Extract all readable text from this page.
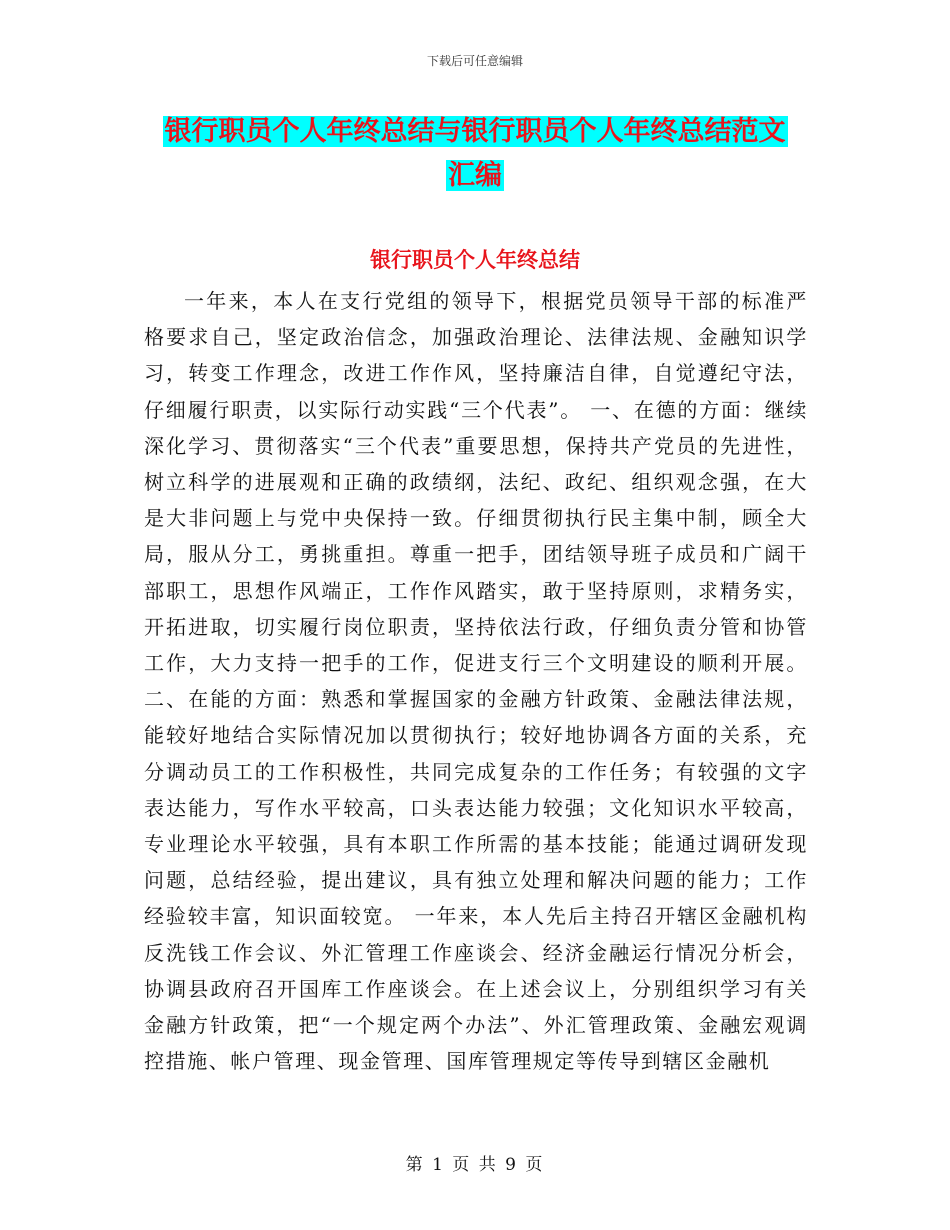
下载后可任意编辑
银行职员个人年终总结与银行职员个人年终总结范文
汇编
银行职员个人年终总结

一年来，本人在支行党组的领导下，根据党员领导干部的标准严格要求自己，坚定政治信念，加强政治理论、法律法规、金融知识学习，转变工作理念，改进工作作风，坚持廉洁自律，自觉遵纪守法，仔细履行职责，以实际行动实践“三个代表”。 一、在德的方面：继续深化学习、贯彻落实“三个代表”重要思想，保持共产党员的先进性，树立科学的进展观和正确的政绩纲，法纪、政纪、组织观念强，在大是大非问题上与党中央保持一致。仔细贯彻执行民主集中制，顾全大局，服从分工，勇挑重担。尊重一把手，团结领导班子成员和广阔干部职工，思想作风端正，工作作风踏实，敢于坚持原则，求精务实，开拓进取，切实履行岗位职责，坚持依法行政，仔细负责分管和协管工作，大力支持一把手的工作，促进支行三个文明建设的顺利开展。 二、在能的方面：熟悉和掌握国家的金融方针政策、金融法律法规，能较好地结合实际情况加以贯彻执行；较好地协调各方面的关系，充分调动员工的工作积极性，共同完成复杂的工作任务；有较强的文字表达能力，写作水平较高，口头表达能力较强；文化知识水平较高，专业理论水平较强，具有本职工作所需的基本技能；能通过调研发现问题，总结经验，提出建议，具有独立处理和解决问题的能力；工作经验较丰富，知识面较宽。 一年来，本人先后主持召开辖区金融机构反洗钱工作会议、外汇管理工作座谈会、经济金融运行情况分析会，协调县政府召开国库工作座谈会。在上述会议上，分别组织学习有关金融方针政策，把“一个规定两个办法”、外汇管理政策、金融宏观调控措施、帐户管理、现金管理、国库管理规定等传导到辖区金融机

第 1 页 共 9 页
